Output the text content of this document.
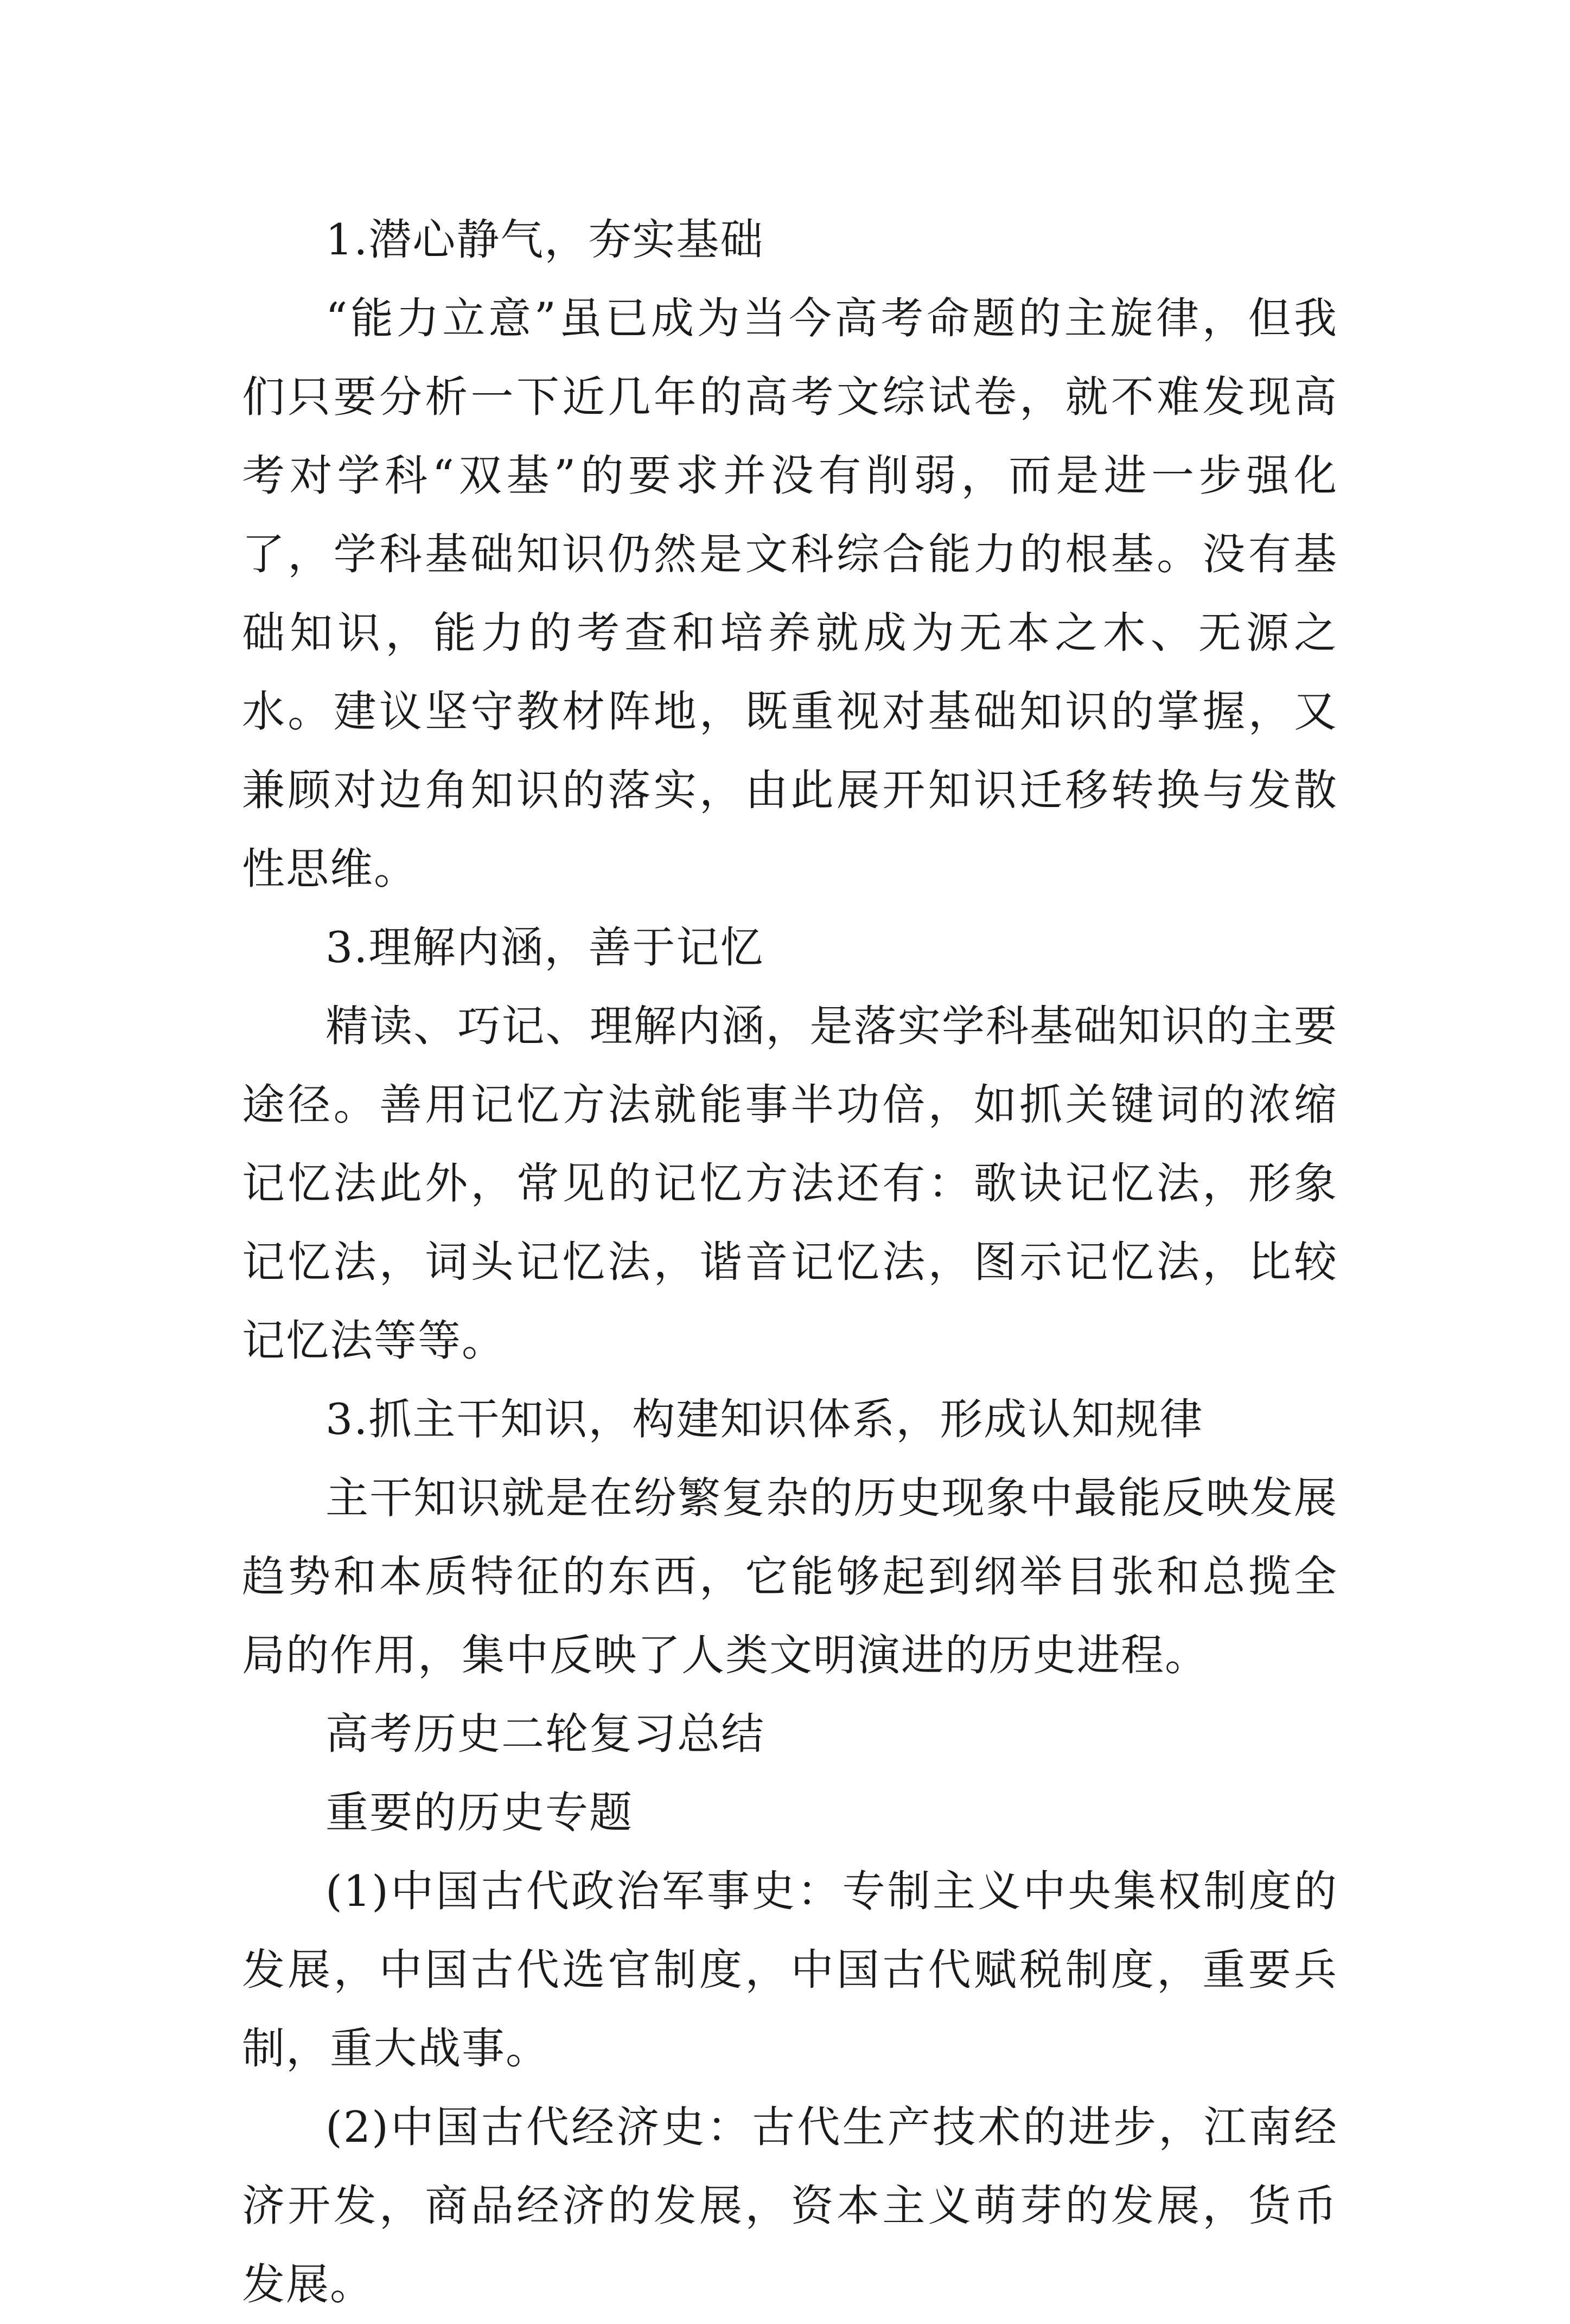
1.潜心静气，夯实基础

“能力立意”虽已成为当今高考命题的主旋律，但我们只要分析一下近几年的高考文综试卷，就不难发现高考对学科“双基”的要求并没有削弱，而是进一步强化了，学科基础知识仍然是文科综合能力的根基。没有基础知识，能力的考查和培养就成为无本之木、无源之水。建议坚守教材阵地，既重视对基础知识的掌握，又兼顾对边角知识的落实，由此展开知识迁移转换与发散性思维。

3.理解内涵，善于记忆

精读、巧记、理解内涵，是落实学科基础知识的主要途径。善用记忆方法就能事半功倍，如抓关键词的浓缩记忆法此外，常见的记忆方法还有：歌诀记忆法，形象记忆法，词头记忆法，谐音记忆法，图示记忆法，比较记忆法等等。

3.抓主干知识，构建知识体系，形成认知规律

主干知识就是在纷繁复杂的历史现象中最能反映发展趋势和本质特征的东西，它能够起到纲举目张和总揽全局的作用，集中反映了人类文明演进的历史进程。

高考历史二轮复习总结

重要的历史专题

(1)中国古代政治军事史：专制主义中央集权制度的发展，中国古代选官制度，中国古代赋税制度，重要兵制，重大战事。

(2)中国古代经济史：古代生产技术的进步，江南经济开发，商品经济的发展，资本主义萌芽的发展，货币发展。
